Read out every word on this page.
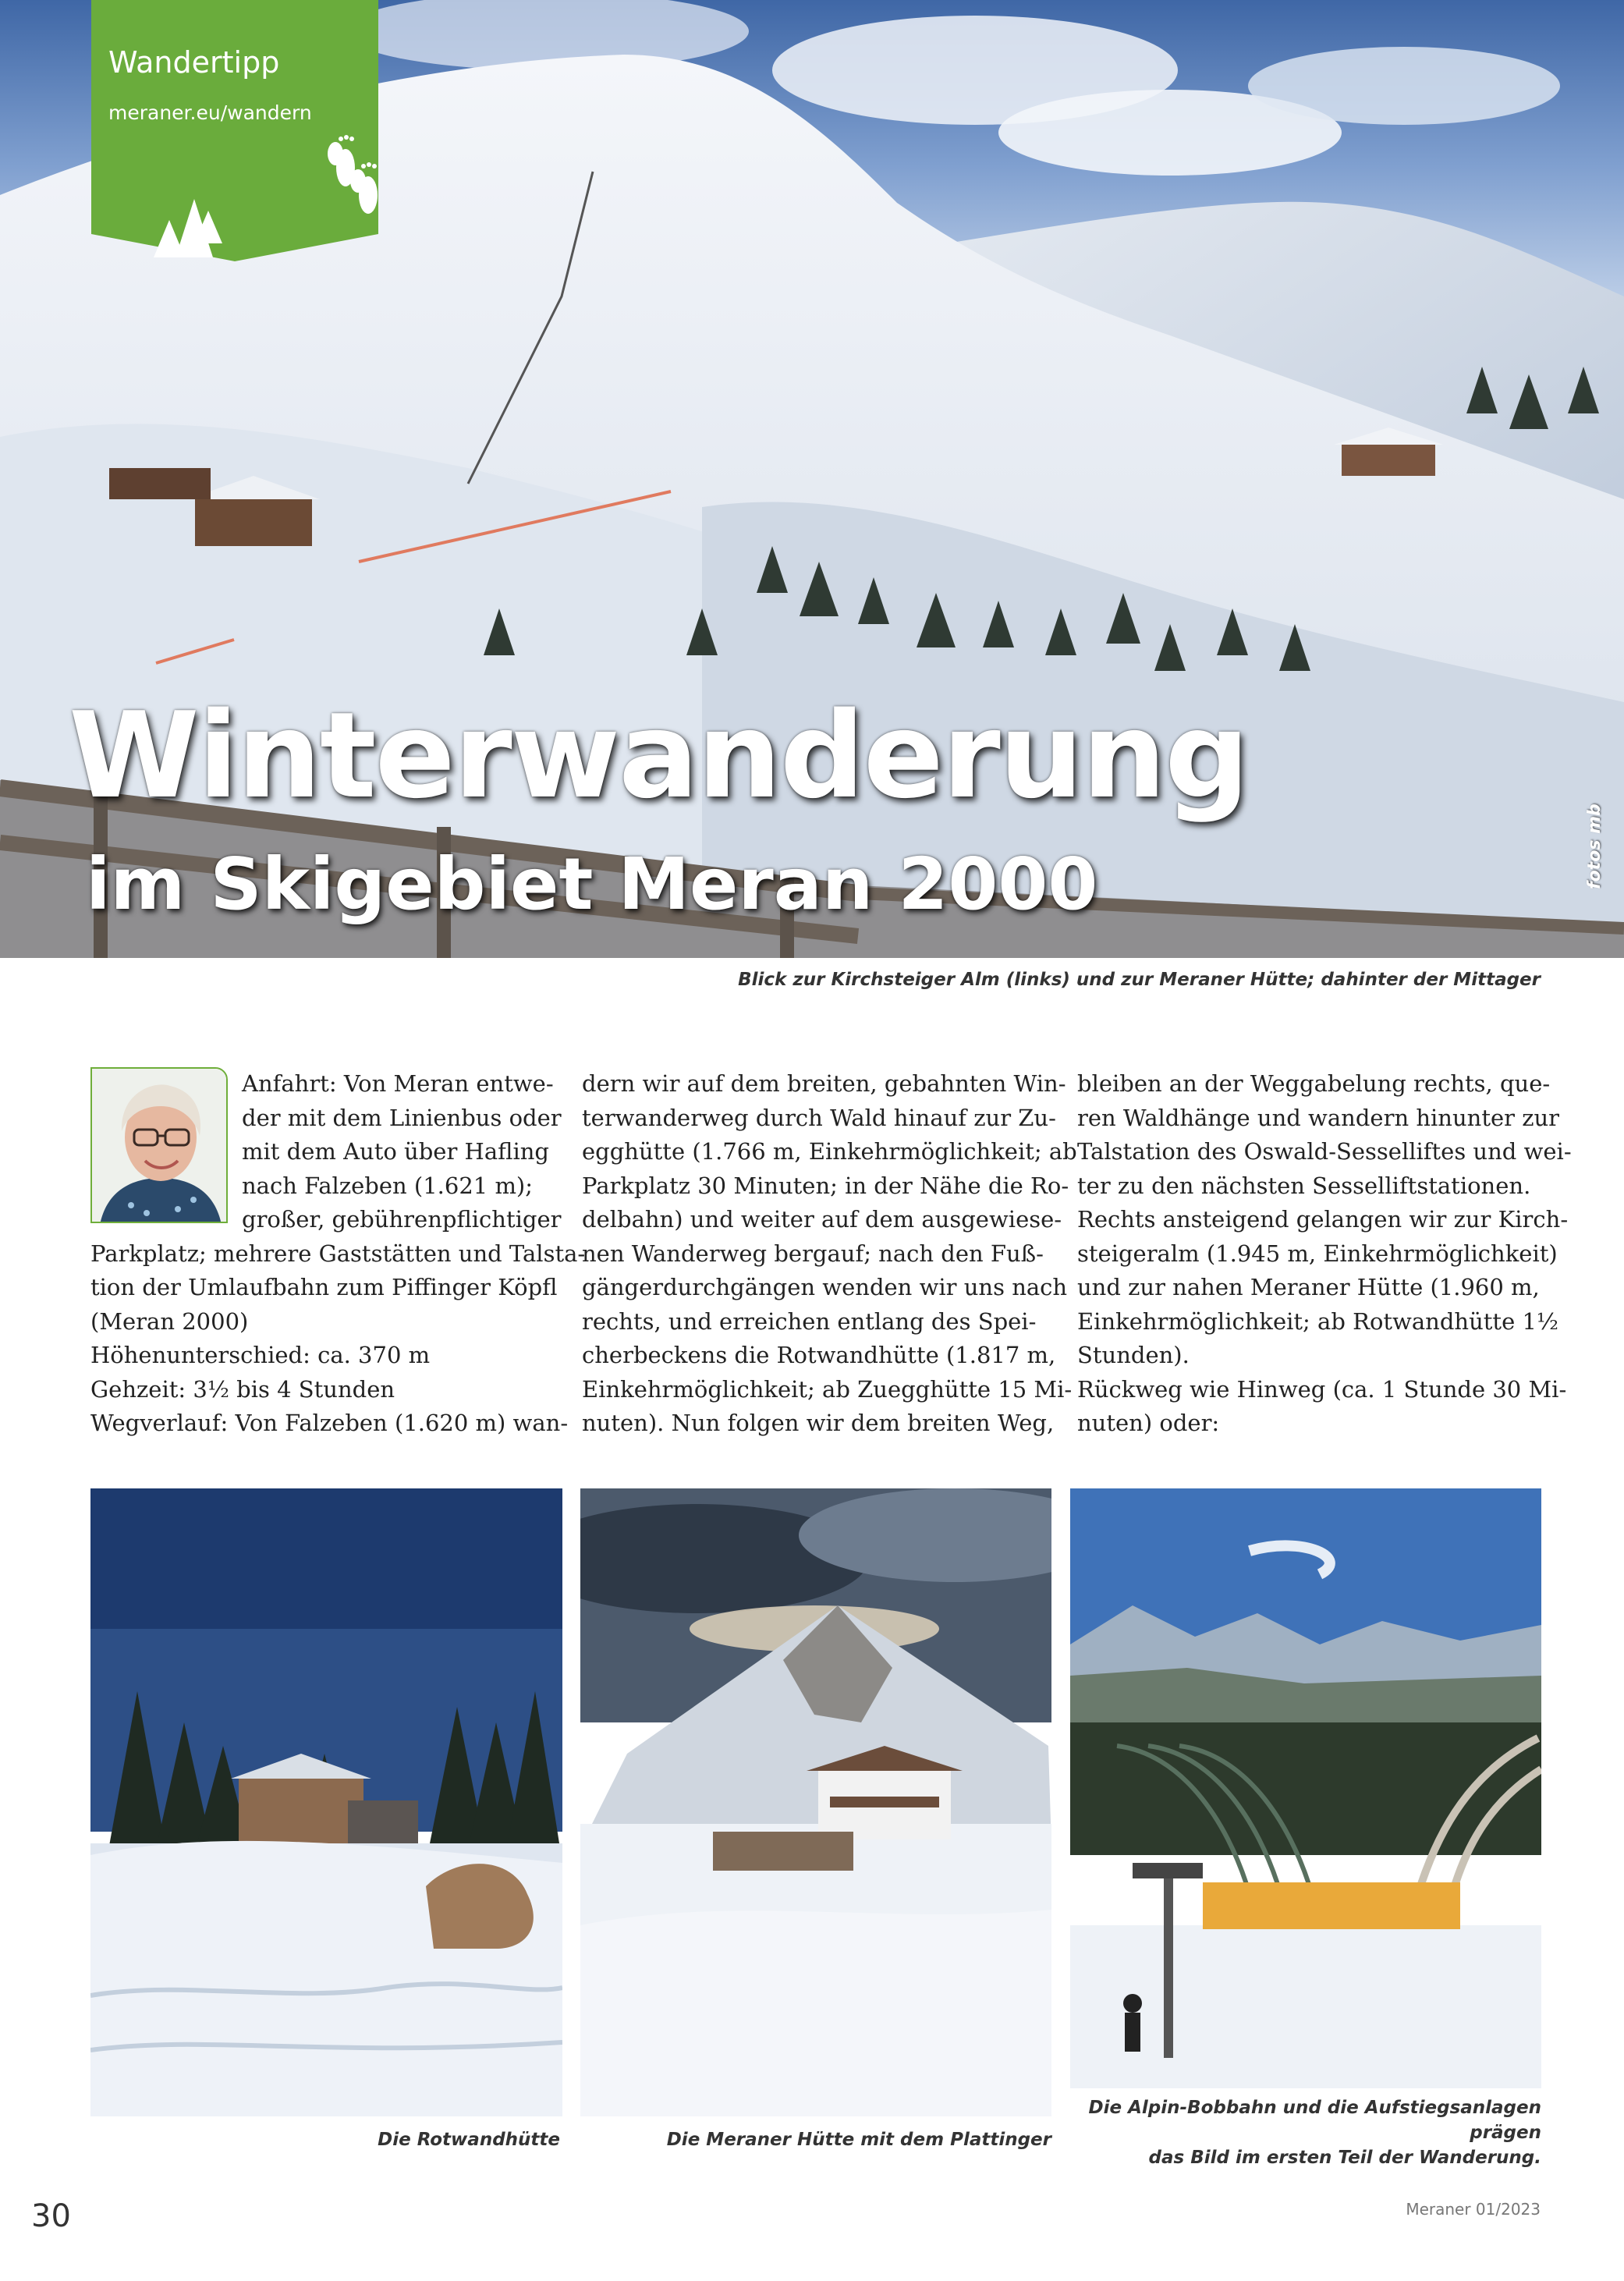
Wandertipp
meraner.eu/wandern
Winterwanderung
im Skigebiet Meran 2000	fotos mb
Blick zur Kirchsteiger Alm (links) und zur Meraner Hütte; dahinter der Mittager
Anfahrt: Von Meran entwe-
der mit dem Linienbus oder
mit dem Auto über Hafling
nach Falzeben (1.621 m);
großer, gebührenpflichtiger
Parkplatz; mehrere Gaststätten und Talsta-
tion der Umlaufbahn zum Piffinger Köpfl
(Meran 2000)
Höhenunterschied: ca. 370 m
Gehzeit: 3½ bis 4 Stunden
Wegverlauf: Von Falzeben (1.620 m) wan-
dern wir auf dem breiten, gebahnten Win-
terwanderweg durch Wald hinauf zur Zu-
egghütte (1.766 m, Einkehrmöglichkeit; ab
Parkplatz 30 Minuten; in der Nähe die Ro-
delbahn) und weiter auf dem ausgewiese-
nen Wanderweg bergauf; nach den Fuß-
gängerdurchgängen wenden wir uns nach
rechts, und erreichen entlang des Spei-
cherbeckens die Rotwandhütte (1.817 m,
Einkehrmöglichkeit; ab Zuegghütte 15 Mi-
nuten). Nun folgen wir dem breiten Weg,
bleiben an der Weggabelung rechts, que-
ren Waldhänge und wandern hinunter zur
Talstation des Oswald-Sesselliftes und wei-
ter zu den nächsten Sesselliftstationen.
Rechts ansteigend gelangen wir zur Kirch-
steigeralm (1.945 m, Einkehrmöglichkeit)
und zur nahen Meraner Hütte (1.960 m,
Einkehrmöglichkeit; ab Rotwandhütte 1½
Stunden).
Rückweg wie Hinweg (ca. 1 Stunde 30 Mi-
nuten) oder:
Die Rotwandhütte	Die Meraner Hütte mit dem Plattinger
Die Alpin-Bobbahn und die Aufstiegsanlagen prägen
das Bild im ersten Teil der Wanderung.
30	Meraner 01/2023
